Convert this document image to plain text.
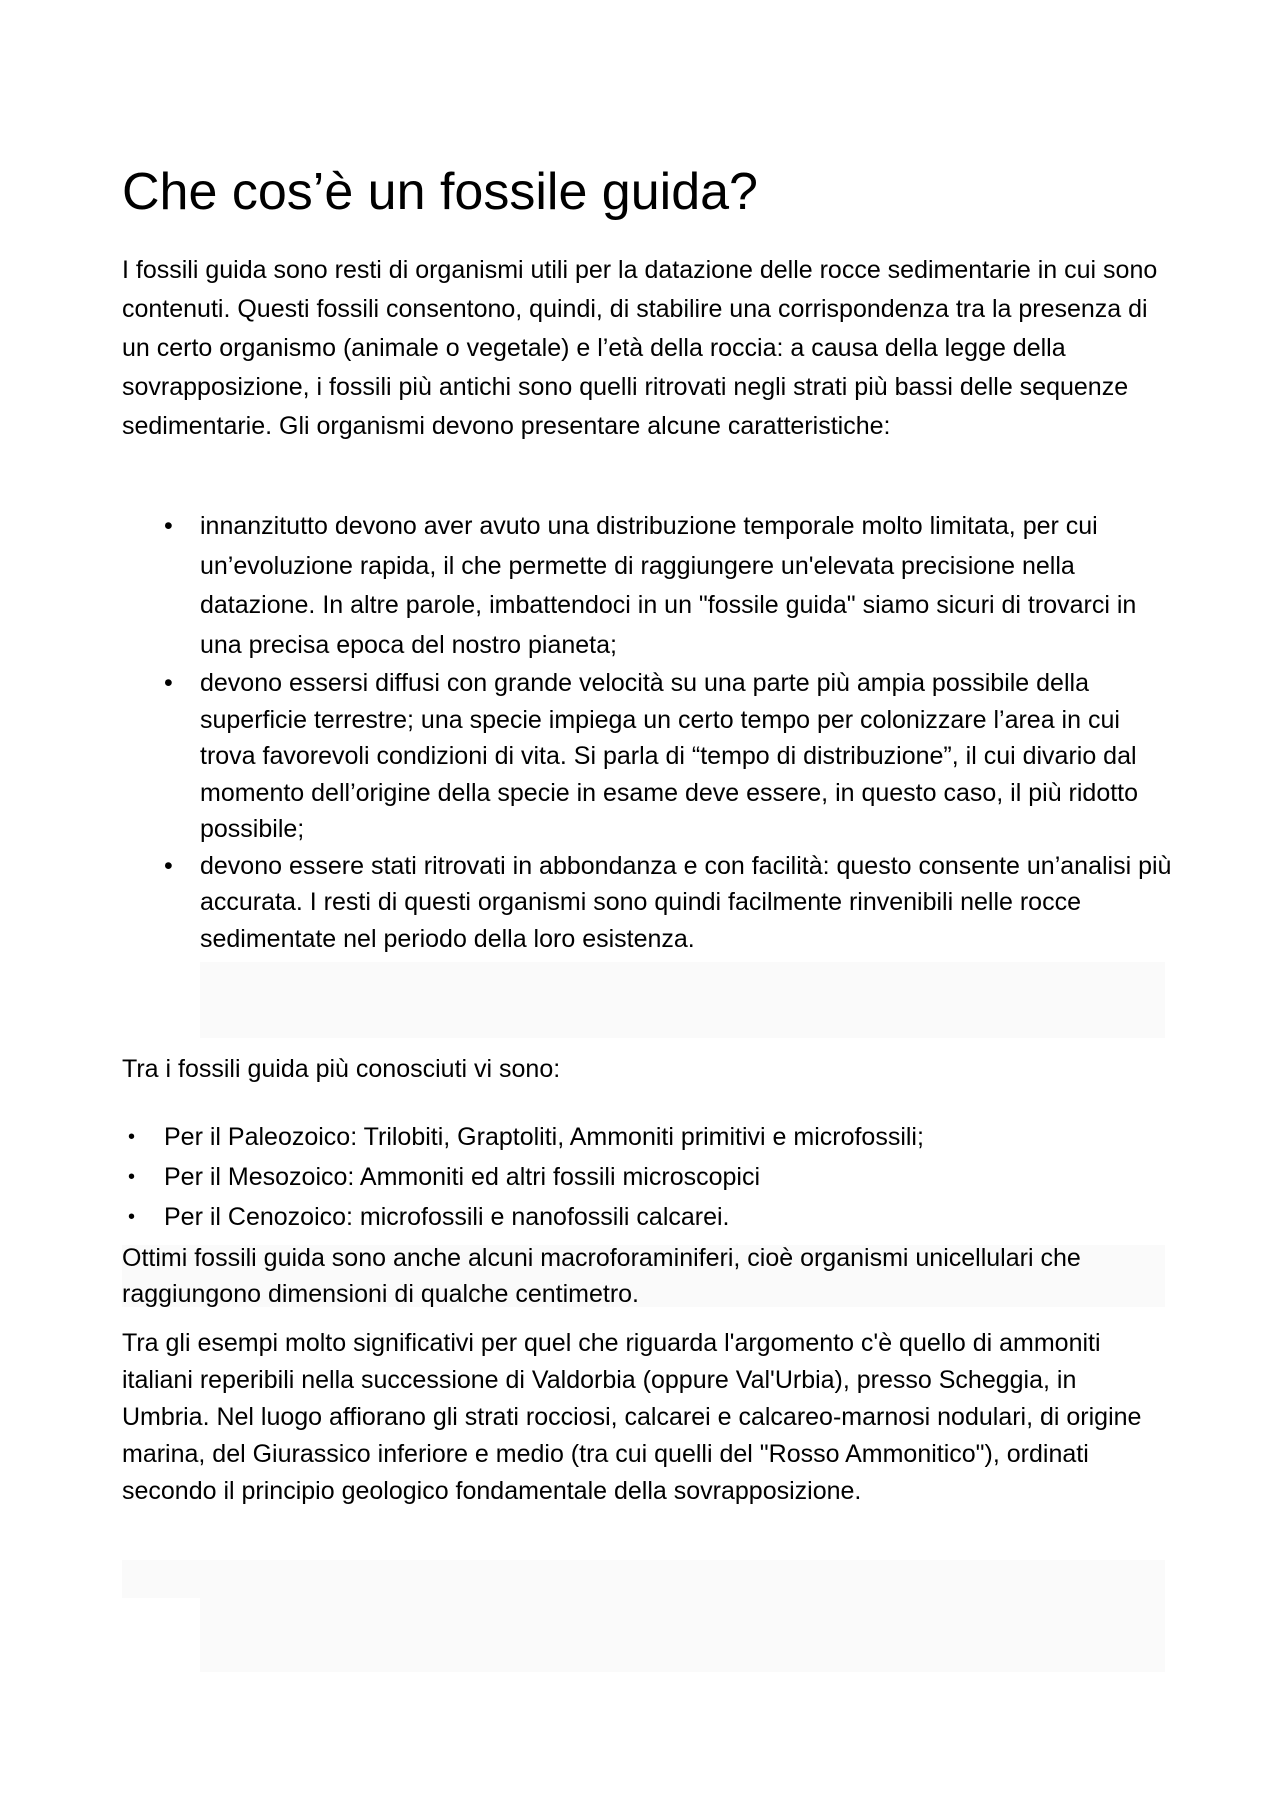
Che cos’è un fossile guida?

I fossili guida sono resti di organismi utili per la datazione delle rocce sedimentarie in cui sono contenuti. Questi fossili consentono, quindi, di stabilire una corrispondenza tra la presenza di un certo organismo (animale o vegetale) e l’età della roccia: a causa della legge della sovrapposizione, i fossili più antichi sono quelli ritrovati negli strati più bassi delle sequenze sedimentarie. Gli organismi devono presentare alcune caratteristiche:

• innanzitutto devono aver avuto una distribuzione temporale molto limitata, per cui un’evoluzione rapida, il che permette di raggiungere un'elevata precisione nella datazione. In altre parole, imbattendoci in un "fossile guida" siamo sicuri di trovarci in una precisa epoca del nostro pianeta;
• devono essersi diffusi con grande velocità su una parte più ampia possibile della superficie terrestre; una specie impiega un certo tempo per colonizzare l’area in cui trova favorevoli condizioni di vita. Si parla di “tempo di distribuzione”, il cui divario dal momento dell’origine della specie in esame deve essere, in questo caso, il più ridotto possibile;
• devono essere stati ritrovati in abbondanza e con facilità: questo consente un’analisi più accurata. I resti di questi organismi sono quindi facilmente rinvenibili nelle rocce sedimentate nel periodo della loro esistenza.

Tra i fossili guida più conosciuti vi sono:

• Per il Paleozoico: Trilobiti, Graptoliti, Ammoniti primitivi e microfossili;
• Per il Mesozoico: Ammoniti ed altri fossili microscopici
• Per il Cenozoico: microfossili e nanofossili calcarei.

Ottimi fossili guida sono anche alcuni macroforaminiferi, cioè organismi unicellulari che raggiungono dimensioni di qualche centimetro.

Tra gli esempi molto significativi per quel che riguarda l'argomento c'è quello di ammoniti italiani reperibili nella successione di Valdorbia (oppure Val'Urbia), presso Scheggia, in Umbria. Nel luogo affiorano gli strati rocciosi, calcarei e calcareo-marnosi nodulari, di origine marina, del Giurassico inferiore e medio (tra cui quelli del "Rosso Ammonitico"), ordinati secondo il principio geologico fondamentale della sovrapposizione.
